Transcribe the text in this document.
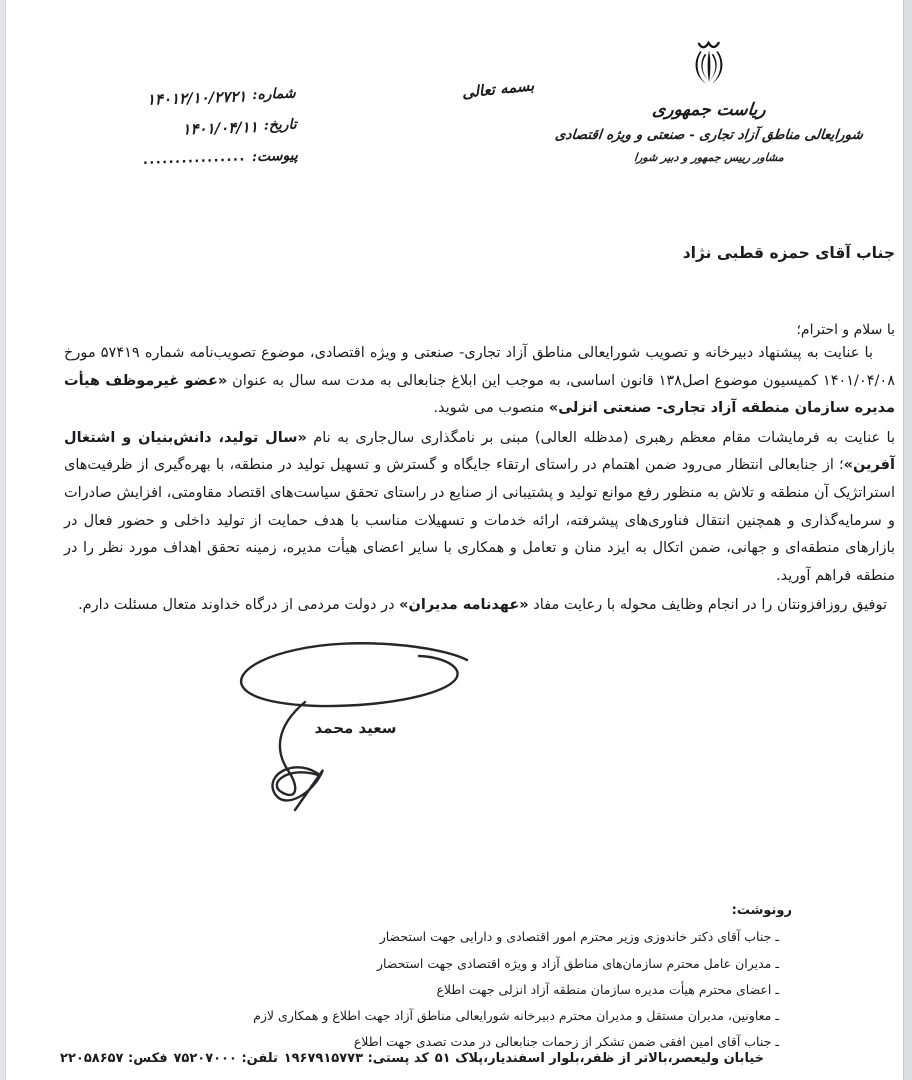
ریاست جمهوری
شورایعالی مناطق آزاد تجاری - صنعتی و ویژه اقتصادی
مشاور رییس جمهور و دبیر شورا
بسمه تعالی
شماره:
۱۴۰۱۲/۱۰/۲۷۲۱
تاریخ:
۱۴۰۱/۰۴/۱۱
پیوست:
................
جناب آقای حمزه قطبی نژاد
با سلام و احترام؛

با عنایت به پیشنهاد دبیرخانه و تصویب شورایعالی مناطق آزاد تجاری- صنعتی و ویژه اقتصادی، موضوع تصویب‌نامه شماره ۵۷۴۱۹ مورخ ۱۴۰۱/۰۴/۰۸ کمیسیون موضوع اصل۱۳۸ قانون اساسی، به موجب این ابلاغ جنابعالی به مدت سه سال به عنوان «عضو غیرموظف هیأت مدیره سازمان منطقه آزاد تجاری- صنعتی انزلی» منصوب می شوید.

با عنایت به فرمایشات مقام معظم رهبری (مدظله العالی) مبنی بر نامگذاری سال‌جاری به نام «سال تولید، دانش‌بنیان و اشتغال آفرین»؛ از جنابعالی انتظار می‌رود ضمن اهتمام در راستای ارتقاء جایگاه و گسترش و تسهیل تولید در منطقه، با بهره‌گیری از ظرفیت‌های استراتژیک آن منطقه و تلاش به منظور رفع موانع تولید و پشتیبانی از صنایع در راستای تحقق سیاست‌های اقتصاد مقاومتی، افزایش صادرات و سرمایه‌گذاری و همچنین انتقال فناوری‌های پیشرفته، ارائه خدمات و تسهیلات مناسب با هدف حمایت از تولید داخلی و حضور فعال در بازارهای منطقه‌ای و جهانی، ضمن اتکال به ایزد منان و تعامل و همکاری با سایر اعضای هیأت مدیره، زمینه تحقق اهداف مورد نظر را در منطقه فراهم آورید.

توفیق روزافزونتان را در انجام وظایف محوله با رعایت مفاد «عهدنامه مدیران» در دولت مردمی از درگاه خداوند متعال مسئلت دارم.

سعید محمد
رونوشت:
ـ جناب آقای دکتر خاندوزی وزیر محترم امور اقتصادی و دارایی جهت استحضار
ـ مدیران عامل محترم سازمان‌های مناطق آزاد و ویژه اقتصادی جهت استحضار
ـ اعضای محترم هیأت مدیره سازمان منطقه آزاد انزلی جهت اطلاع
ـ معاونین، مدیران مستقل و مدیران محترم دبیرخانه شورایعالی مناطق آزاد جهت اطلاع و همکاری لازم
ـ جناب آقای امین افقی ضمن تشکر از زحمات جنابعالی در مدت تصدی جهت اطلاع
خیابان ولیعصر،بالاتر از ظفر،بلوار اسفندیار،پلاک ۵۱
کد پستی: ۱۹۶۷۹۱۵۷۷۳
تلفن: ۷۵۲۰۷۰۰۰
فکس: ۲۲۰۵۸۶۵۷
